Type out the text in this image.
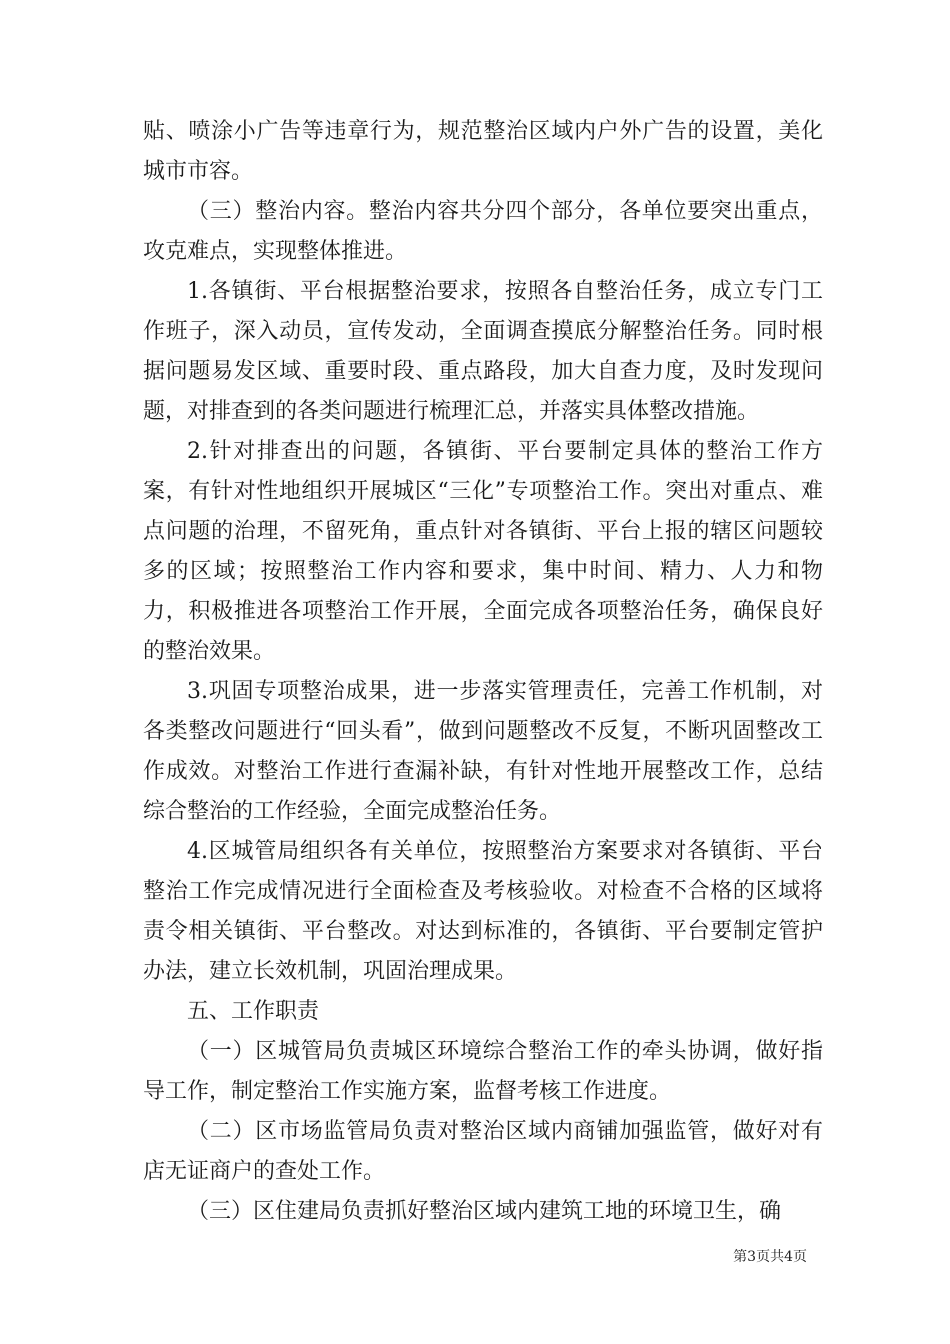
贴、喷涂小广告等违章行为，规范整治区域内户外广告的设置，美化城市市容。

（三）整治内容。整治内容共分四个部分，各单位要突出重点，攻克难点，实现整体推进。

1.各镇街、平台根据整治要求，按照各自整治任务，成立专门工作班子，深入动员，宣传发动，全面调查摸底分解整治任务。同时根据问题易发区域、重要时段、重点路段，加大自查力度，及时发现问题，对排查到的各类问题进行梳理汇总，并落实具体整改措施。

2.针对排查出的问题，各镇街、平台要制定具体的整治工作方案，有针对性地组织开展城区“三化”专项整治工作。突出对重点、难点问题的治理，不留死角，重点针对各镇街、平台上报的辖区问题较多的区域；按照整治工作内容和要求，集中时间、精力、人力和物力，积极推进各项整治工作开展，全面完成各项整治任务，确保良好的整治效果。

3.巩固专项整治成果，进一步落实管理责任，完善工作机制，对各类整改问题进行“回头看”，做到问题整改不反复，不断巩固整改工作成效。对整治工作进行查漏补缺，有针对性地开展整改工作，总结综合整治的工作经验，全面完成整治任务。

4.区城管局组织各有关单位，按照整治方案要求对各镇街、平台整治工作完成情况进行全面检查及考核验收。对检查不合格的区域将责令相关镇街、平台整改。对达到标准的，各镇街、平台要制定管护办法，建立长效机制，巩固治理成果。

五、工作职责

（一）区城管局负责城区环境综合整治工作的牵头协调，做好指导工作，制定整治工作实施方案，监督考核工作进度。

（二）区市场监管局负责对整治区域内商铺加强监管，做好对有店无证商户的查处工作。

（三）区住建局负责抓好整治区域内建筑工地的环境卫生，确

第3页共4页
